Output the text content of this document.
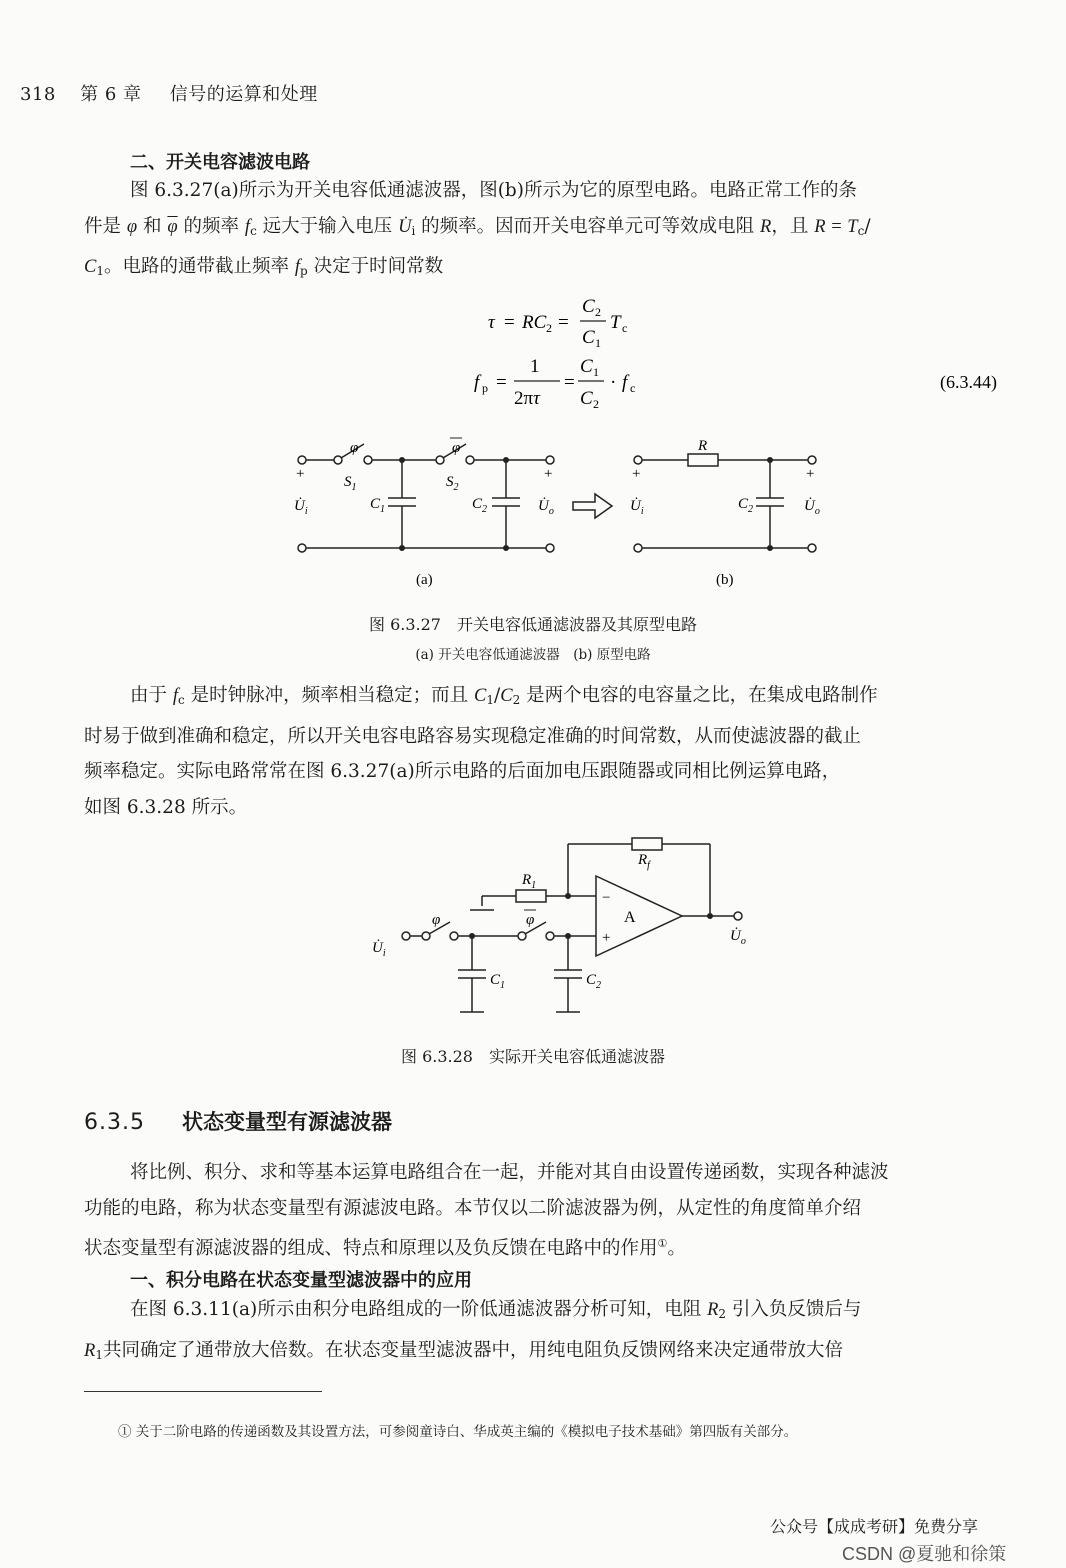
318 第 6 章 信号的运算和处理
二、开关电容滤波电路

图 6.3.27(a)所示为开关电容低通滤波器，图(b)所示为它的原型电路。电路正常工作的条

件是 φ 和 $\overline{\varphi}$ 的频率 $f_c$ 远大于输入电压 $U̇_i$ 的频率。因而开关电容单元可等效成电阻 R，且 $R = T_c/$

$C_1$。电路的通带截止频率 $f_p$ 决定于时间常数

τ = RC 2 =
C 2
C 1
T c
f p =
1
2πτ
=
C 1
C 2
· f c	(6.3.44)
+	+	+	+
φ	φ
$S_1$	$S_2$
$C_1$	$C_2$	$C_2$
$U̇_i$	$U̇_o$	$U̇_i$	$U̇_o$
R
(a)	(b)
图 6.3.27　开关电容低通滤波器及其原型电路
(a) 开关电容低通滤波器　(b) 原型电路

由于 $f_c$ 是时钟脉冲，频率相当稳定；而且 $C_1/C_2$ 是两个电容的电容量之比，在集成电路制作

时易于做到准确和稳定，所以开关电容电路容易实现稳定准确的时间常数，从而使滤波器的截止

频率稳定。实际电路常常在图 6.3.27(a)所示电路的后面加电压跟随器或同相比例运算电路，

如图 6.3.28 所示。

$R_f$
$R_1$
−
+
A
φ	φ
$U̇_i$
$U̇_o$
$C_1$	$C_2$
图 6.3.28　实际开关电容低通滤波器
6.3.5 状态变量型有源滤波器

将比例、积分、求和等基本运算电路组合在一起，并能对其自由设置传递函数，实现各种滤波

功能的电路，称为状态变量型有源滤波电路。本节仅以二阶滤波器为例，从定性的角度简单介绍

状态变量型有源滤波器的组成、特点和原理以及负反馈在电路中的作用①。

一、积分电路在状态变量型滤波器中的应用

在图 6.3.11(a)所示由积分电路组成的一阶低通滤波器分析可知，电阻 $R_2$ 引入负反馈后与

$R_1$共同确定了通带放大倍数。在状态变量型滤波器中，用纯电阻负反馈网络来决定通带放大倍

① 关于二阶电路的传递函数及其设置方法，可参阅童诗白、华成英主编的《模拟电子技术基础》第四版有关部分。
公众号【成成考研】免费分享
CSDN @夏驰和徐策
